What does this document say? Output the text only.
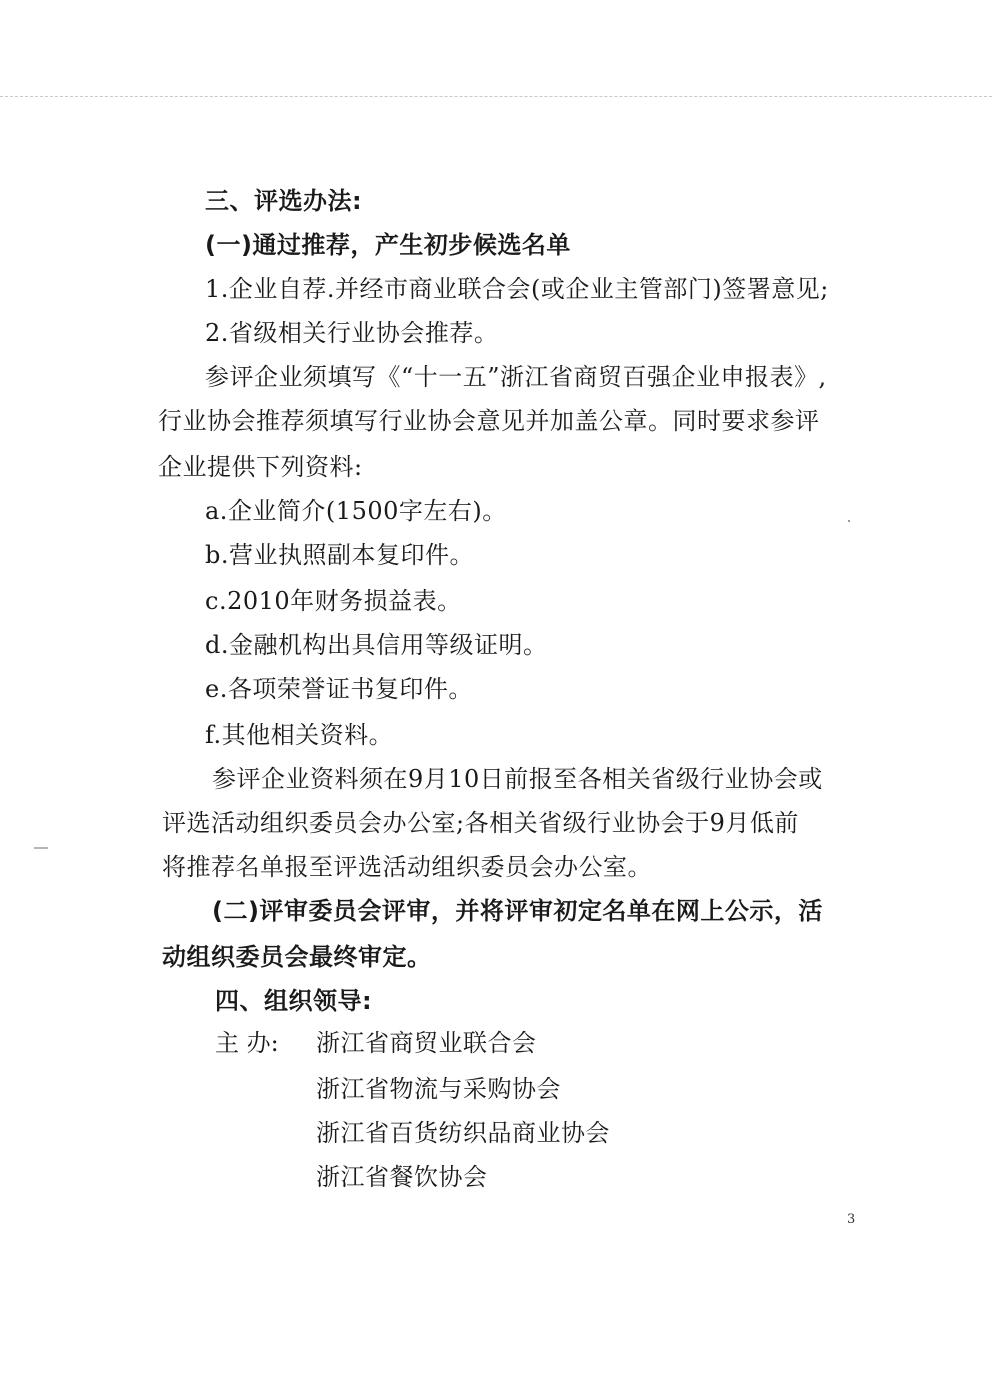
三、评选办法:
(一)通过推荐，产生初步候选名单
1.企业自荐.并经市商业联合会(或企业主管部门)签署意见;
2.省级相关行业协会推荐。
参评企业须填写《“十一五”浙江省商贸百强企业申报表》,
行业协会推荐须填写行业协会意见并加盖公章。同时要求参评
企业提供下列资料:
a.企业简介(1500字左右)。
b.营业执照副本复印件。
c.2010年财务损益表。
d.金融机构出具信用等级证明。
e.各项荣誉证书复印件。
f.其他相关资料。
参评企业资料须在9月10日前报至各相关省级行业协会或
评选活动组织委员会办公室;各相关省级行业协会于9月低前
将推荐名单报至评选活动组织委员会办公室。
(二)评审委员会评审，并将评审初定名单在网上公示，活
动组织委员会最终审定。
四、组织领导:
主 办: 浙江省商贸业联合会
浙江省物流与采购协会
浙江省百货纺织品商业协会
浙江省餐饮协会
3
